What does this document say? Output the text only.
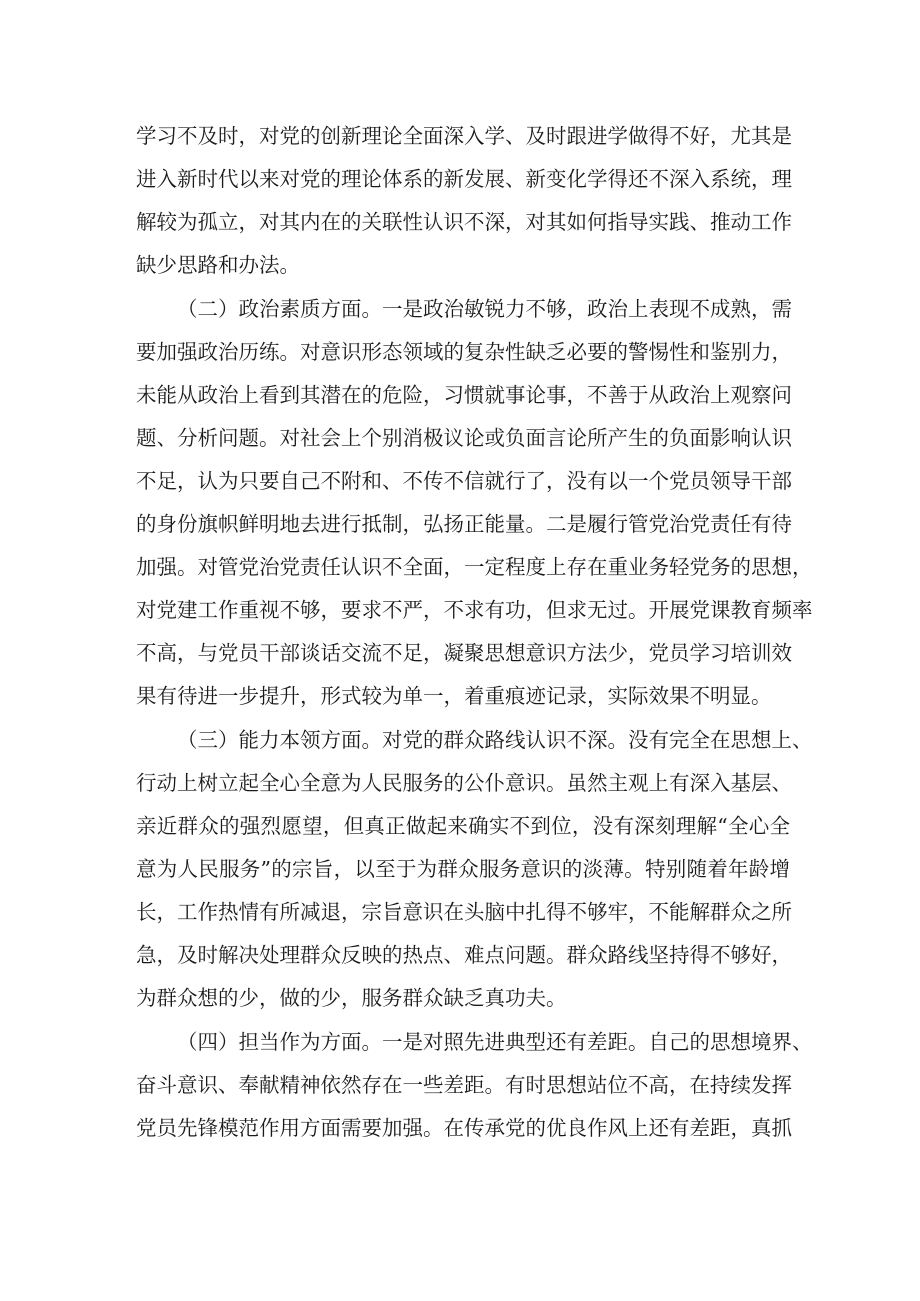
学习不及时，对党的创新理论全面深入学、及时跟进学做得不好，尤其是
进入新时代以来对党的理论体系的新发展、新变化学得还不深入系统，理
解较为孤立，对其内在的关联性认识不深，对其如何指导实践、推动工作
缺少思路和办法。
（二）政治素质方面。一是政治敏锐力不够，政治上表现不成熟，需
要加强政治历练。对意识形态领域的复杂性缺乏必要的警惕性和鉴别力，
未能从政治上看到其潜在的危险，习惯就事论事，不善于从政治上观察问
题、分析问题。对社会上个别消极议论或负面言论所产生的负面影响认识
不足，认为只要自己不附和、不传不信就行了，没有以一个党员领导干部
的身份旗帜鲜明地去进行抵制，弘扬正能量。二是履行管党治党责任有待
加强。对管党治党责任认识不全面，一定程度上存在重业务轻党务的思想，
对党建工作重视不够，要求不严，不求有功，但求无过。开展党课教育频率
不高，与党员干部谈话交流不足，凝聚思想意识方法少，党员学习培训效
果有待进一步提升，形式较为单一，着重痕迹记录，实际效果不明显。
（三）能力本领方面。对党的群众路线认识不深。没有完全在思想上、
行动上树立起全心全意为人民服务的公仆意识。虽然主观上有深入基层、
亲近群众的强烈愿望，但真正做起来确实不到位，没有深刻理解“全心全
意为人民服务”的宗旨，以至于为群众服务意识的淡薄。特别随着年龄增
长，工作热情有所减退，宗旨意识在头脑中扎得不够牢，不能解群众之所
急，及时解决处理群众反映的热点、难点问题。群众路线坚持得不够好，
为群众想的少，做的少，服务群众缺乏真功夫。
（四）担当作为方面。一是对照先进典型还有差距。自己的思想境界、
奋斗意识、奉献精神依然存在一些差距。有时思想站位不高，在持续发挥
党员先锋模范作用方面需要加强。在传承党的优良作风上还有差距，真抓
